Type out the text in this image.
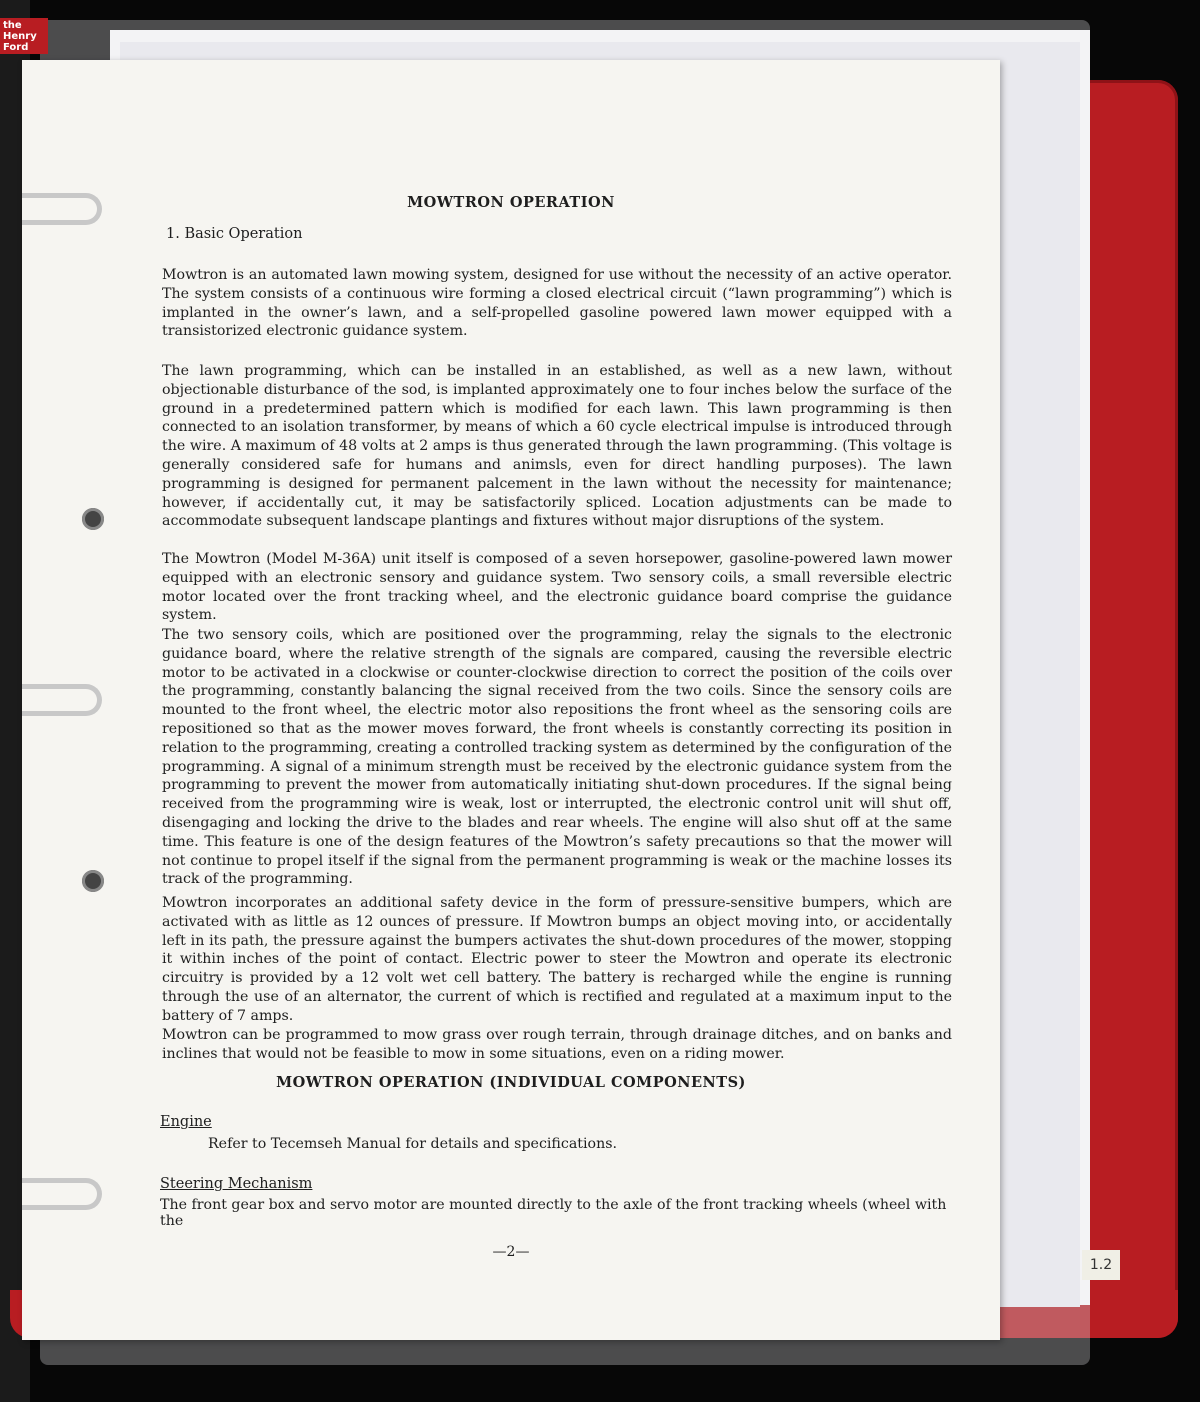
the
Henry
Ford
MOWTRON OPERATION
1. Basic Operation
Mowtron is an automated lawn mowing system, designed for use without the necessity of an active operator. The system consists of a continuous wire forming a closed electrical circuit (“lawn programming”) which is implanted in the owner’s lawn, and a self-propelled gasoline powered lawn mower equipped with a transistorized electronic guidance system.
The lawn programming, which can be installed in an established, as well as a new lawn, without objectionable disturbance of the sod, is implanted approximately one to four inches below the surface of the ground in a predetermined pattern which is modified for each lawn. This lawn programming is then connected to an isolation transformer, by means of which a 60 cycle electrical impulse is introduced through the wire. A maximum of 48 volts at 2 amps is thus generated through the lawn programming. (This voltage is generally considered safe for humans and animsls, even for direct handling purposes). The lawn programming is designed for permanent palcement in the lawn without the necessity for maintenance; however, if accidentally cut, it may be satisfactorily spliced. Location adjustments can be made to accommodate subsequent landscape plantings and fixtures without major disruptions of the system.
The Mowtron (Model M-36A) unit itself is composed of a seven horsepower, gasoline-powered lawn mower equipped with an electronic sensory and guidance system. Two sensory coils, a small reversible electric motor located over the front tracking wheel, and the electronic guidance board comprise the guidance system.
The two sensory coils, which are positioned over the programming, relay the signals to the electronic guidance board, where the relative strength of the signals are compared, causing the reversible electric motor to be activated in a clockwise or counter-clockwise direction to correct the position of the coils over the programming, constantly balancing the signal received from the two coils. Since the sensory coils are mounted to the front wheel, the electric motor also repositions the front wheel as the sensoring coils are repositioned so that as the mower moves forward, the front wheels is constantly correcting its position in relation to the programming, creating a controlled tracking system as determined by the configuration of the programming. A signal of a minimum strength must be received by the electronic guidance system from the programming to prevent the mower from automatically initiating shut-down procedures. If the signal being received from the programming wire is weak, lost or interrupted, the electronic control unit will shut off, disengaging and locking the drive to the blades and rear wheels. The engine will also shut off at the same time. This feature is one of the design features of the Mowtron’s safety precautions so that the mower will not continue to propel itself if the signal from the permanent programming is weak or the machine losses its track of the programming.
Mowtron incorporates an additional safety device in the form of pressure-sensitive bumpers, which are activated with as little as 12 ounces of pressure. If Mowtron bumps an object moving into, or accidentally left in its path, the pressure against the bumpers activates the shut-down procedures of the mower, stopping it within inches of the point of contact. Electric power to steer the Mowtron and operate its electronic circuitry is provided by a 12 volt wet cell battery. The battery is recharged while the engine is running through the use of an alternator, the current of which is rectified and regulated at a maximum input to the battery of 7 amps.
Mowtron can be programmed to mow grass over rough terrain, through drainage ditches, and on banks and inclines that would not be feasible to mow in some situations, even on a riding mower.
MOWTRON OPERATION (INDIVIDUAL COMPONENTS)
Engine
Refer to Tecemseh Manual for details and specifications.
Steering Mechanism
The front gear box and servo motor are mounted directly to the axle of the front tracking wheels (wheel with the
—2—
1.2
